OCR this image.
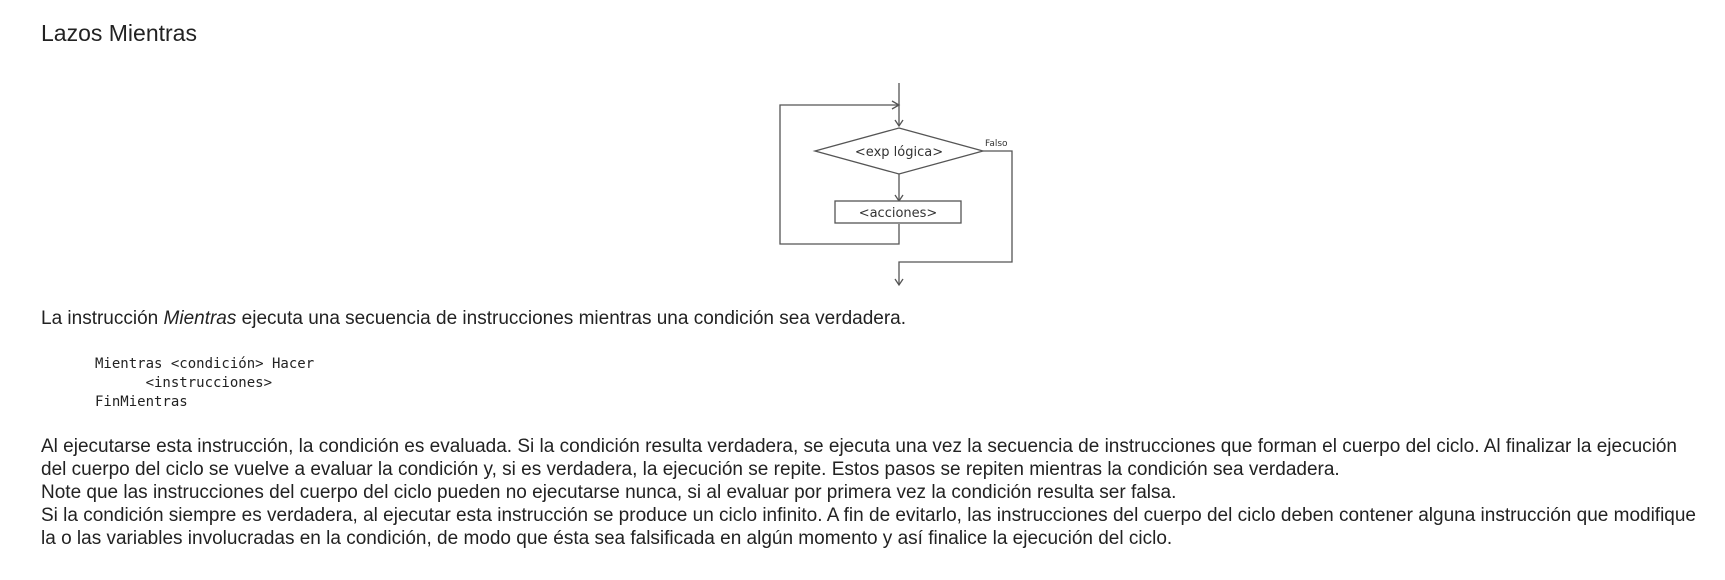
Lazos Mientras
<exp lógica>
Falso
<acciones>

La instrucción Mientras ejecuta una secuencia de instrucciones mientras una condición sea verdadera.

Mientras <condición> Hacer
<instrucciones>
FinMientras

Al ejecutarse esta instrucción, la condición es evaluada. Si la condición resulta verdadera, se ejecuta una vez la secuencia de instrucciones que forman el cuerpo del ciclo. Al finalizar la ejecución del cuerpo del ciclo se vuelve a evaluar la condición y, si es verdadera, la ejecución se repite. Estos pasos se repiten mientras la condición sea verdadera.

Note que las instrucciones del cuerpo del ciclo pueden no ejecutarse nunca, si al evaluar por primera vez la condición resulta ser falsa.

Si la condición siempre es verdadera, al ejecutar esta instrucción se produce un ciclo infinito. A fin de evitarlo, las instrucciones del cuerpo del ciclo deben contener alguna instrucción que modifique la o las variables involucradas en la condición, de modo que ésta sea falsificada en algún momento y así finalice la ejecución del ciclo.
